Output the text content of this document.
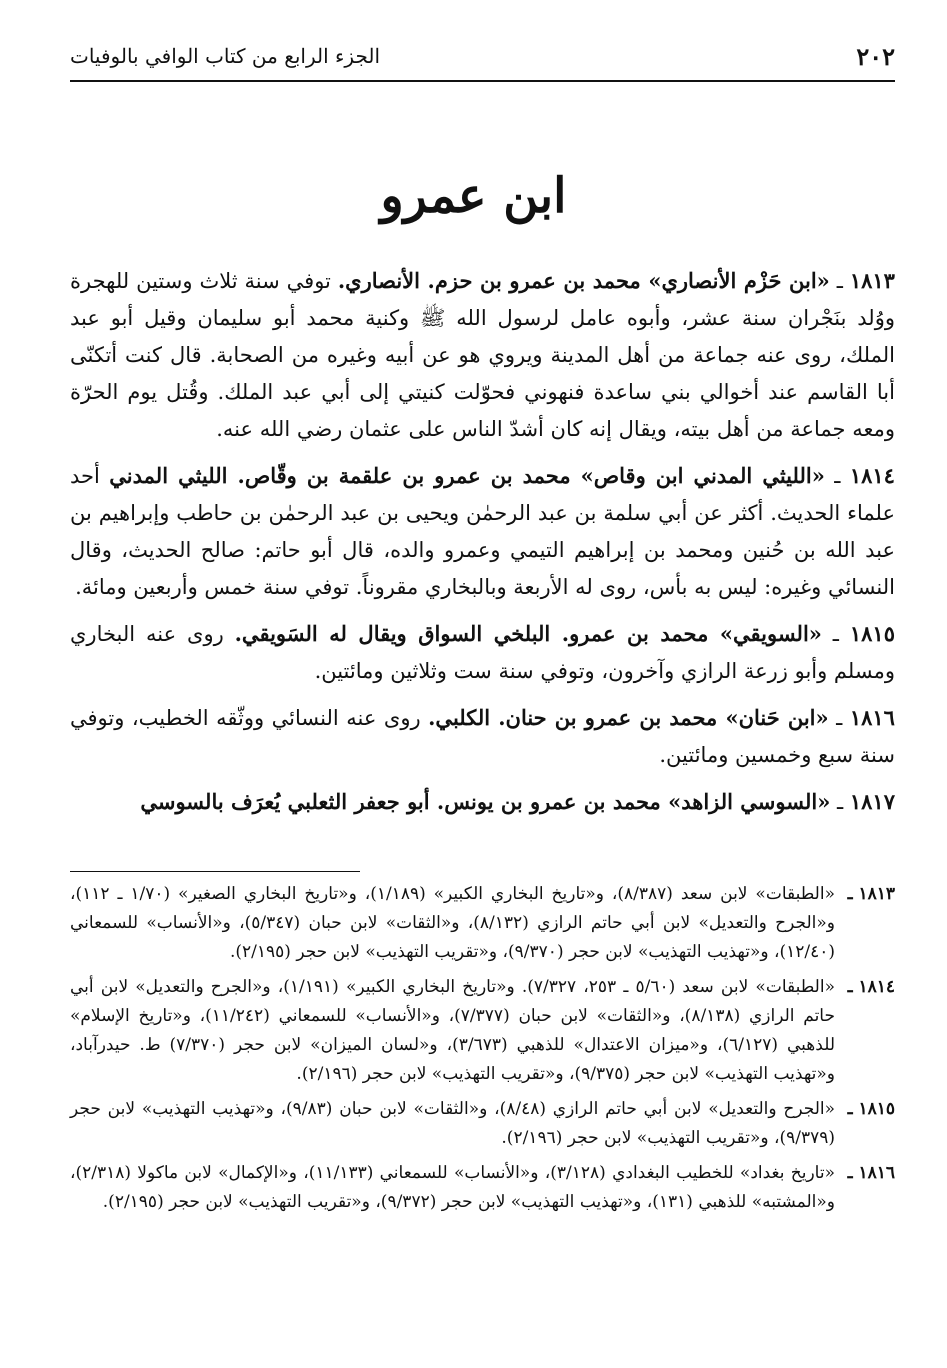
٢٠٢
الجزء الرابع من كتاب الوافي بالوفيات
ابن عمرو

١٨١٣ ـ «ابن حَزْم الأنصاري» محمد بن عمرو بن حزم. الأنصاري. توفي سنة ثلاث وستين للهجرة ووُلد بنَجْران سنة عشر، وأبوه عامل لرسول الله ﷺ وكنية محمد أبو سليمان وقيل أبو عبد الملك، روى عنه جماعة من أهل المدينة ويروي هو عن أبيه وغيره من الصحابة. قال كنت أتكنّى أبا القاسم عند أخوالي بني ساعدة فنهوني فحوّلت كنيتي إلى أبي عبد الملك. وقُتل يوم الحرّة ومعه جماعة من أهل بيته، ويقال إنه كان أشدّ الناس على عثمان رضي الله عنه.

١٨١٤ ـ «الليثي المدني ابن وقاص» محمد بن عمرو بن علقمة بن وقّاص. الليثي المدني أحد علماء الحديث. أكثر عن أبي سلمة بن عبد الرحمٰن ويحيى بن عبد الرحمٰن بن حاطب وإبراهيم بن عبد الله بن حُنين ومحمد بن إبراهيم التيمي وعمرو والده، قال أبو حاتم: صالح الحديث، وقال النسائي وغيره: ليس به بأس، روى له الأربعة وبالبخاري مقروناً. توفي سنة خمس وأربعين ومائة.

١٨١٥ ـ «السويقي» محمد بن عمرو. البلخي السواق ويقال له السَويقي. روى عنه البخاري ومسلم وأبو زرعة الرازي وآخرون، وتوفي سنة ست وثلاثين ومائتين.

١٨١٦ ـ «ابن حَنان» محمد بن عمرو بن حنان. الكلبي. روى عنه النسائي ووثّقه الخطيب، وتوفي سنة سبع وخمسين ومائتين.

١٨١٧ ـ «السوسي الزاهد» محمد بن عمرو بن يونس. أبو جعفر الثعلبي يُعرَف بالسوسي

١٨١٣ ـ
«الطبقات» لابن سعد (٨/٣٨٧)، و«تاريخ البخاري الكبير» (١/١٨٩)، و«تاريخ البخاري الصغير» (١/٧٠ ـ ١١٢)، و«الجرح والتعديل» لابن أبي حاتم الرازي (٨/١٣٢)، و«الثقات» لابن حبان (٥/٣٤٧)، و«الأنساب» للسمعاني (١٢/٤٠)، و«تهذيب التهذيب» لابن حجر (٩/٣٧٠)، و«تقريب التهذيب» لابن حجر (٢/١٩٥).
١٨١٤ ـ
«الطبقات» لابن سعد (٥/٦٠ ـ ٢٥٣، ٧/٣٢٧). و«تاريخ البخاري الكبير» (١/١٩١)، و«الجرح والتعديل» لابن أبي حاتم الرازي (٨/١٣٨)، و«الثقات» لابن حبان (٧/٣٧٧)، و«الأنساب» للسمعاني (١١/٢٤٢)، و«تاريخ الإسلام» للذهبي (٦/١٢٧)، و«ميزان الاعتدال» للذهبي (٣/٦٧٣)، و«لسان الميزان» لابن حجر (٧/٣٧٠) ط. حيدرآباد، و«تهذيب التهذيب» لابن حجر (٩/٣٧٥)، و«تقريب التهذيب» لابن حجر (٢/١٩٦).
١٨١٥ ـ
«الجرح والتعديل» لابن أبي حاتم الرازي (٨/٤٨)، و«الثقات» لابن حبان (٩/٨٣)، و«تهذيب التهذيب» لابن حجر (٩/٣٧٩)، و«تقريب التهذيب» لابن حجر (٢/١٩٦).
١٨١٦ ـ
«تاريخ بغداد» للخطيب البغدادي (٣/١٢٨)، و«الأنساب» للسمعاني (١١/١٣٣)، و«الإكمال» لابن ماكولا (٢/٣١٨)، و«المشتبه» للذهبي (١٣١)، و«تهذيب التهذيب» لابن حجر (٩/٣٧٢)، و«تقريب التهذيب» لابن حجر (٢/١٩٥).
